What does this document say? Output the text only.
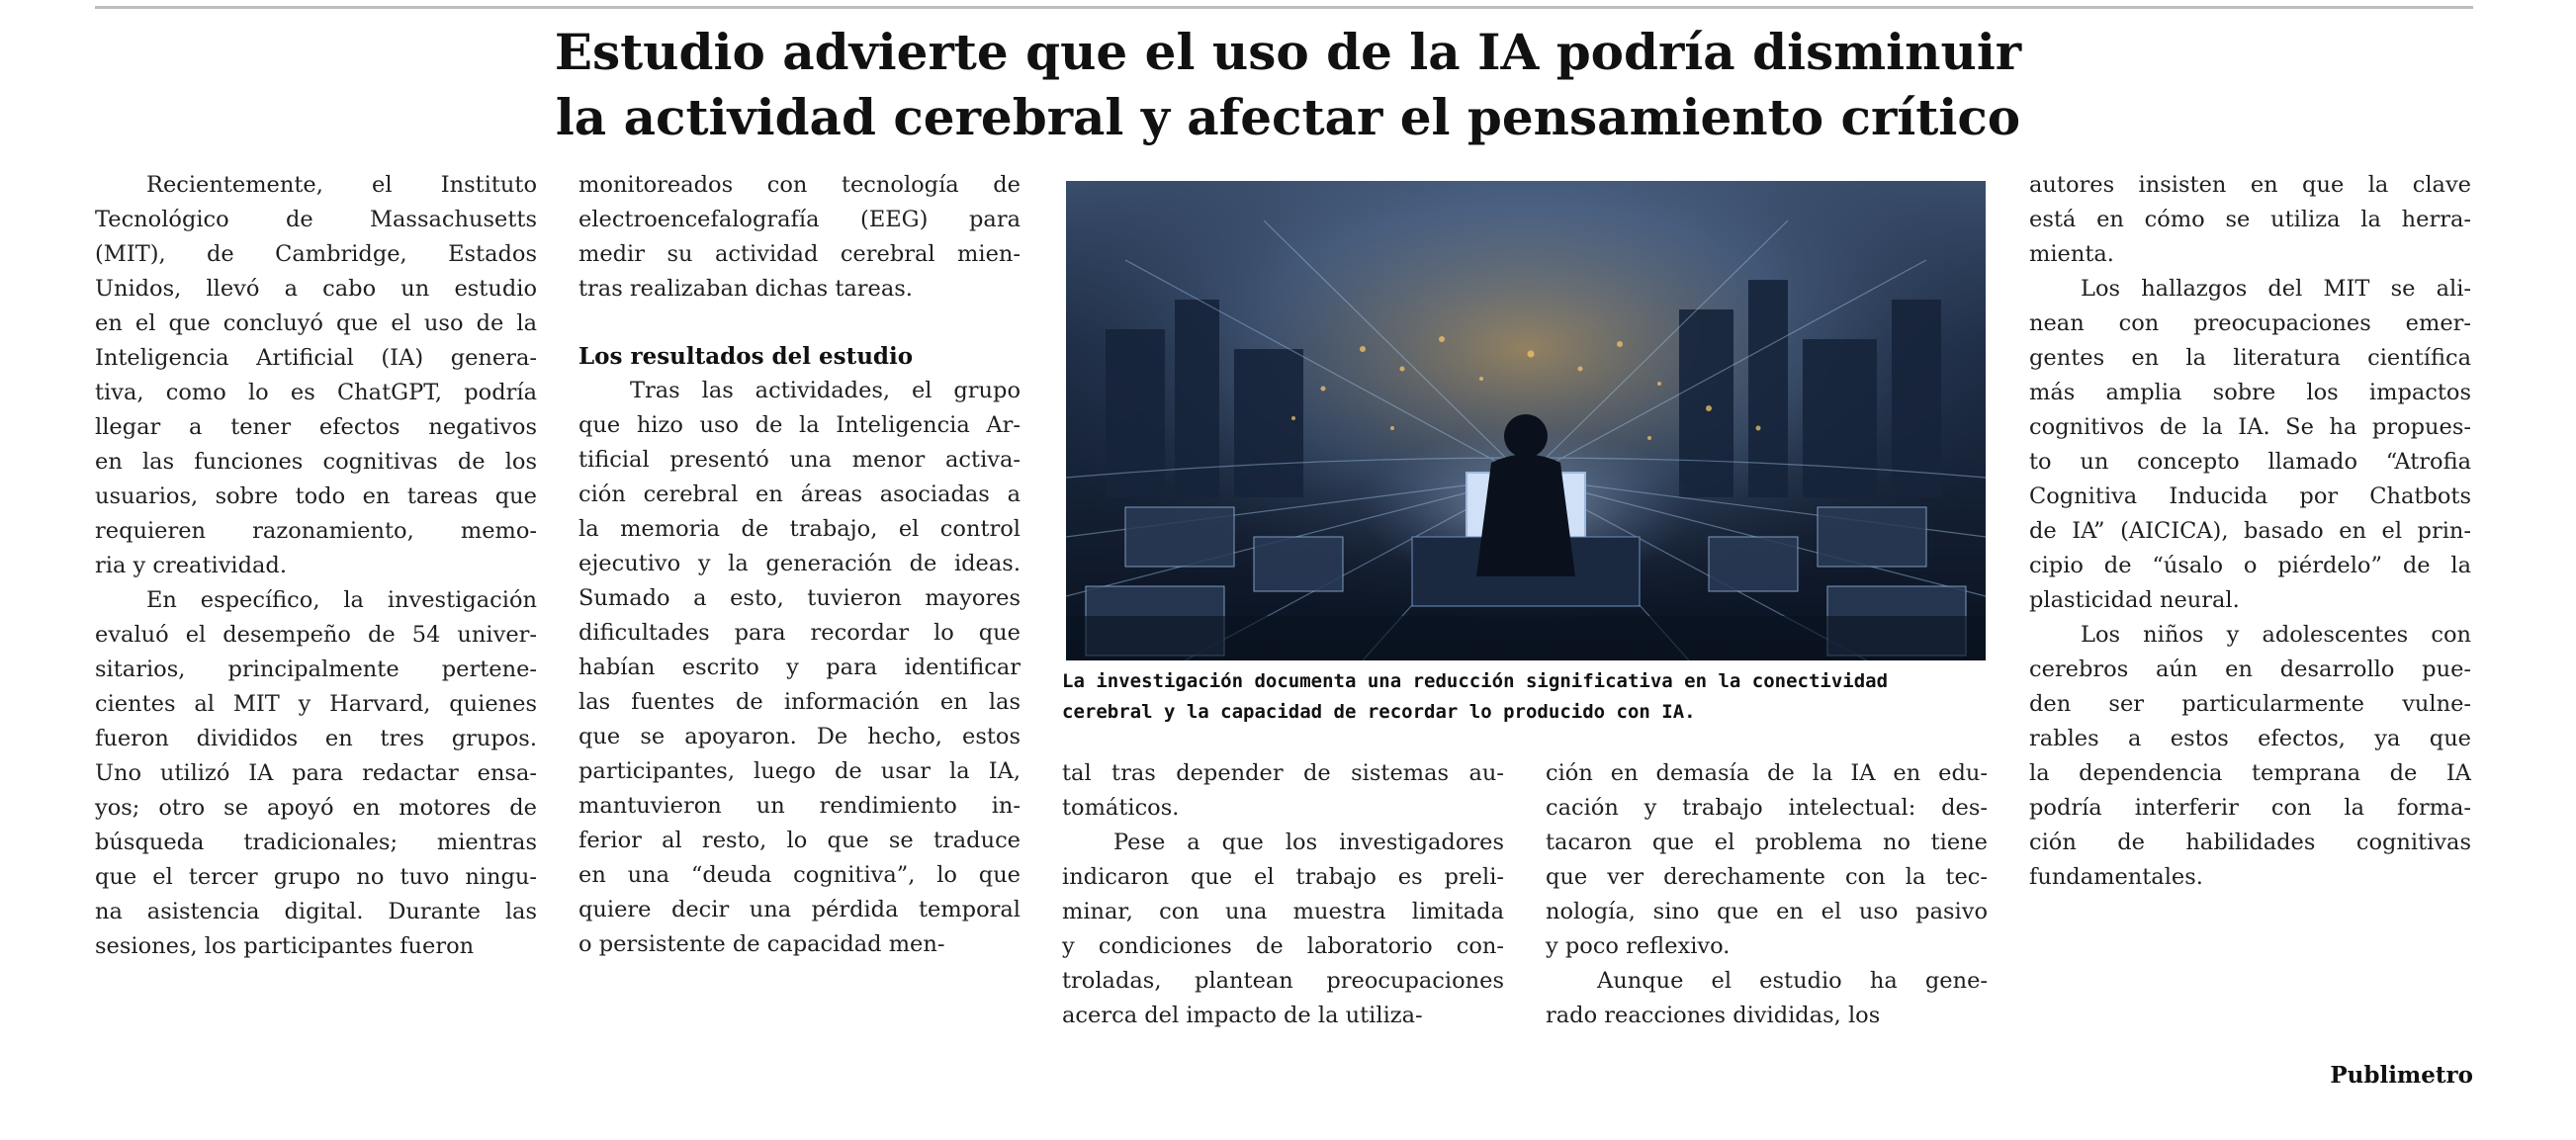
Estudio advierte que el uso de la IA podría disminuir
la actividad cerebral y afectar el pensamiento crítico
Recientemente, el Instituto
Tecnológico de Massachusetts
(MIT), de Cambridge, Estados
Unidos, llevó a cabo un estudio
en el que concluyó que el uso de la
Inteligencia Artificial (IA) genera-
tiva, como lo es ChatGPT, podría
llegar a tener efectos negativos
en las funciones cognitivas de los
usuarios, sobre todo en tareas que
requieren razonamiento, memo-
ria y creatividad.
En específico, la investigación
evaluó el desempeño de 54 univer-
sitarios, principalmente pertene-
cientes al MIT y Harvard, quienes
fueron divididos en tres grupos.
Uno utilizó IA para redactar ensa-
yos; otro se apoyó en motores de
búsqueda tradicionales; mientras
que el tercer grupo no tuvo ningu-
na asistencia digital. Durante las
sesiones, los participantes fueron
monitoreados con tecnología de
electroencefalografía (EEG) para
medir su actividad cerebral mien-
tras realizaban dichas tareas.

Los resultados del estudio

Tras las actividades, el grupo
que hizo uso de la Inteligencia Ar-
tificial presentó una menor activa-
ción cerebral en áreas asociadas a
la memoria de trabajo, el control
ejecutivo y la generación de ideas.
Sumado a esto, tuvieron mayores
dificultades para recordar lo que
habían escrito y para identificar
las fuentes de información en las
que se apoyaron. De hecho, estos
participantes, luego de usar la IA,
mantuvieron un rendimiento in-
ferior al resto, lo que se traduce
en una “deuda cognitiva”, lo que
quiere decir una pérdida temporal
o persistente de capacidad men-
La investigación documenta una reducción significativa en la conectividad
cerebral y la capacidad de recordar lo producido con IA.
tal tras depender de sistemas au-
tomáticos.
Pese a que los investigadores
indicaron que el trabajo es preli-
minar, con una muestra limitada
y condiciones de laboratorio con-
troladas, plantean preocupaciones
acerca del impacto de la utiliza-
ción en demasía de la IA en edu-
cación y trabajo intelectual: des-
tacaron que el problema no tiene
que ver derechamente con la tec-
nología, sino que en el uso pasivo
y poco reflexivo.
Aunque el estudio ha gene-
rado reacciones divididas, los
autores insisten en que la clave
está en cómo se utiliza la herra-
mienta.
Los hallazgos del MIT se ali-
nean con preocupaciones emer-
gentes en la literatura científica
más amplia sobre los impactos
cognitivos de la IA. Se ha propues-
to un concepto llamado “Atrofia
Cognitiva Inducida por Chatbots
de IA” (AICICA), basado en el prin-
cipio de “úsalo o piérdelo” de la
plasticidad neural.
Los niños y adolescentes con
cerebros aún en desarrollo pue-
den ser particularmente vulne-
rables a estos efectos, ya que
la dependencia temprana de IA
podría interferir con la forma-
ción de habilidades cognitivas
fundamentales.
Publimetro
